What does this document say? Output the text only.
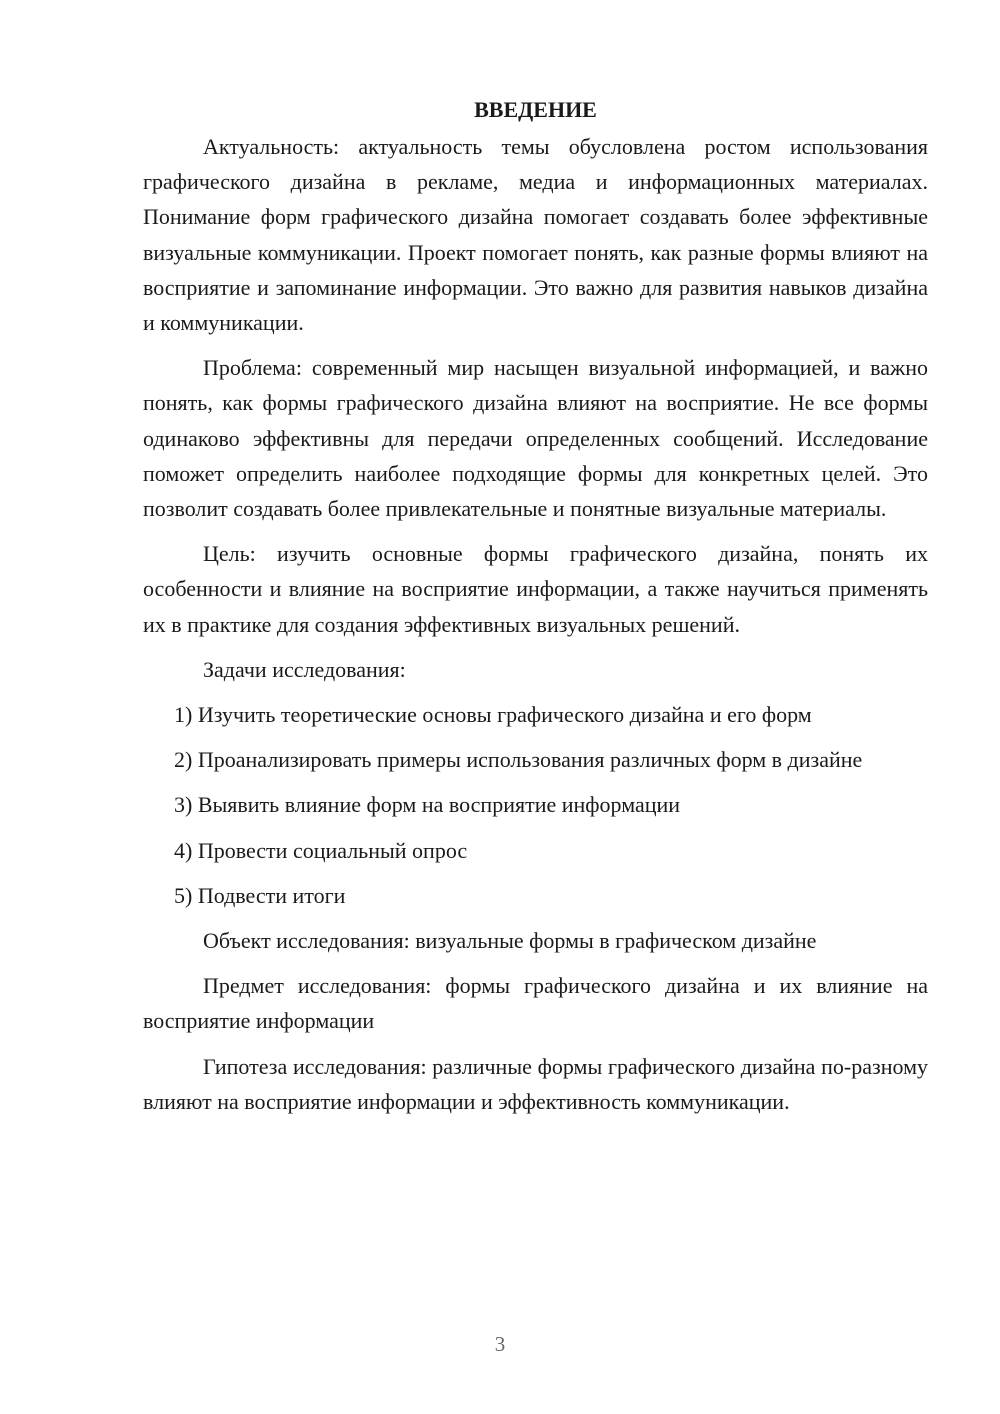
ВВЕДЕНИЕ

Актуальность: актуальность темы обусловлена ростом использования графического дизайна в рекламе, медиа и информационных материалах. Понимание форм графического дизайна помогает создавать более эффективные визуальные коммуникации. Проект помогает понять, как разные формы влияют на восприятие и запоминание информации. Это важно для развития навыков дизайна и коммуникации.

Проблема: современный мир насыщен визуальной информацией, и важно понять, как формы графического дизайна влияют на восприятие. Не все формы одинаково эффективны для передачи определенных сообщений. Исследование поможет определить наиболее подходящие формы для конкретных целей. Это позволит создавать более привлекательные и понятные визуальные материалы.

Цель: изучить основные формы графического дизайна, понять их особенности и влияние на восприятие информации, а также научиться применять их в практике для создания эффективных визуальных решений.

Задачи исследования:

1) Изучить теоретические основы графического дизайна и его форм

2) Проанализировать примеры использования различных форм в дизайне

3) Выявить влияние форм на восприятие информации

4) Провести социальный опрос

5) Подвести итоги

Объект исследования: визуальные формы в графическом дизайне

Предмет исследования: формы графического дизайна и их влияние на восприятие информации

Гипотеза исследования: различные формы графического дизайна по-разному влияют на восприятие информации и эффективность коммуникации.

3
